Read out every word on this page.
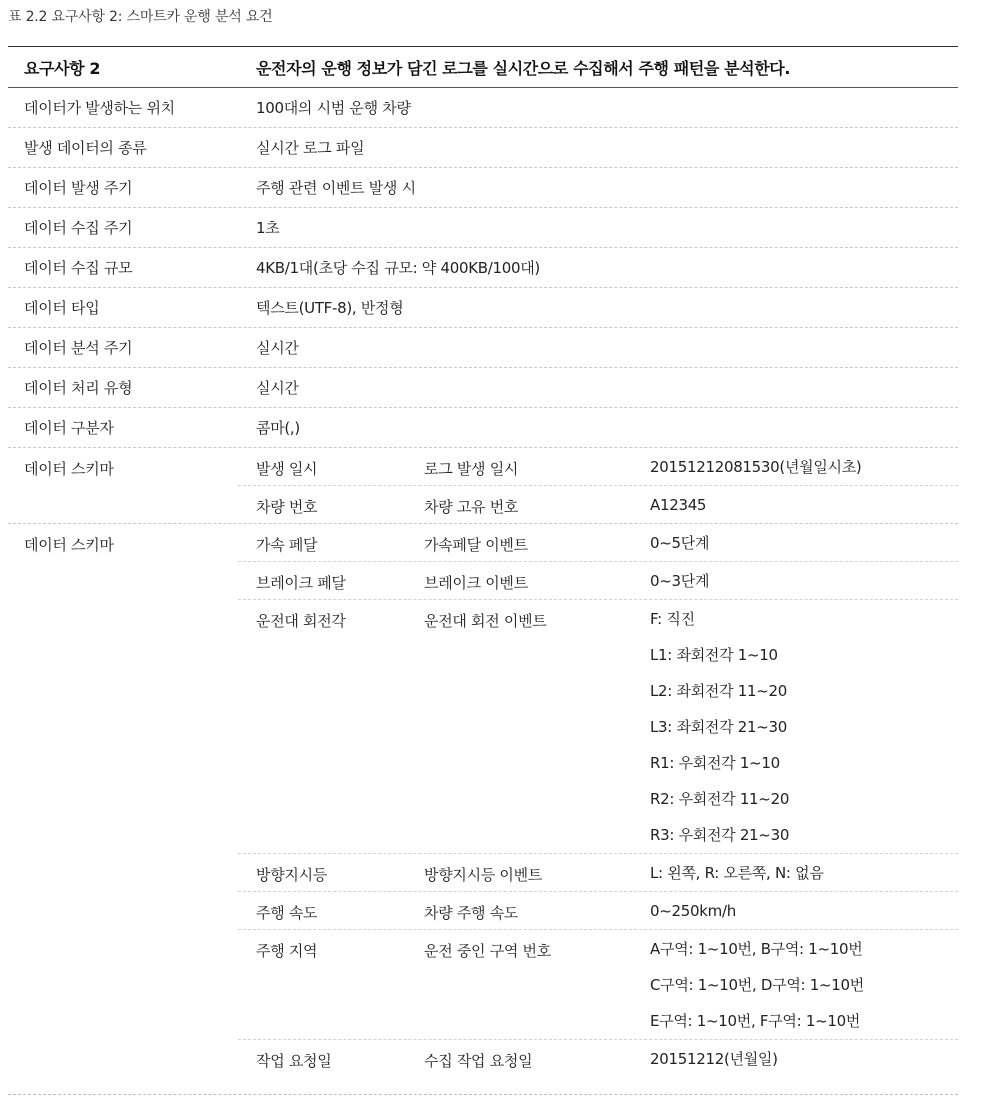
표 2.2 요구사항 2: 스마트카 운행 분석 요건
요구사항 2	운전자의 운행 정보가 담긴 로그를 실시간으로 수집해서 주행 패턴을 분석한다.
데이터가 발생하는 위치	100대의 시범 운행 차량
발생 데이터의 종류	실시간 로그 파일
데이터 발생 주기	주행 관련 이벤트 발생 시
데이터 수집 주기	1초
데이터 수집 규모	4KB/1대(초당 수집 규모: 약 400KB/100대)
데이터 타입	텍스트(UTF-8), 반정형
데이터 분석 주기	실시간
데이터 처리 유형	실시간
데이터 구분자	콤마(,)
데이터 스키마	발생 일시	로그 발생 일시	20151212081530(년월일시초)
차량 번호	차량 고유 번호	A12345
데이터 스키마	가속 페달	가속페달 이벤트	0~5단계
브레이크 페달	브레이크 이벤트	0~3단계
운전대 회전각	운전대 회전 이벤트	F: 직진
L1: 좌회전각 1~10
L2: 좌회전각 11~20
L3: 좌회전각 21~30
R1: 우회전각 1~10
R2: 우회전각 11~20
R3: 우회전각 21~30
방향지시등	방향지시등 이벤트	L: 왼쪽, R: 오른쪽, N: 없음
주행 속도	차량 주행 속도	0~250km/h
주행 지역	운전 중인 구역 번호	A구역: 1~10번, B구역: 1~10번
C구역: 1~10번, D구역: 1~10번
E구역: 1~10번, F구역: 1~10번
작업 요청일	수집 작업 요청일	20151212(년월일)
